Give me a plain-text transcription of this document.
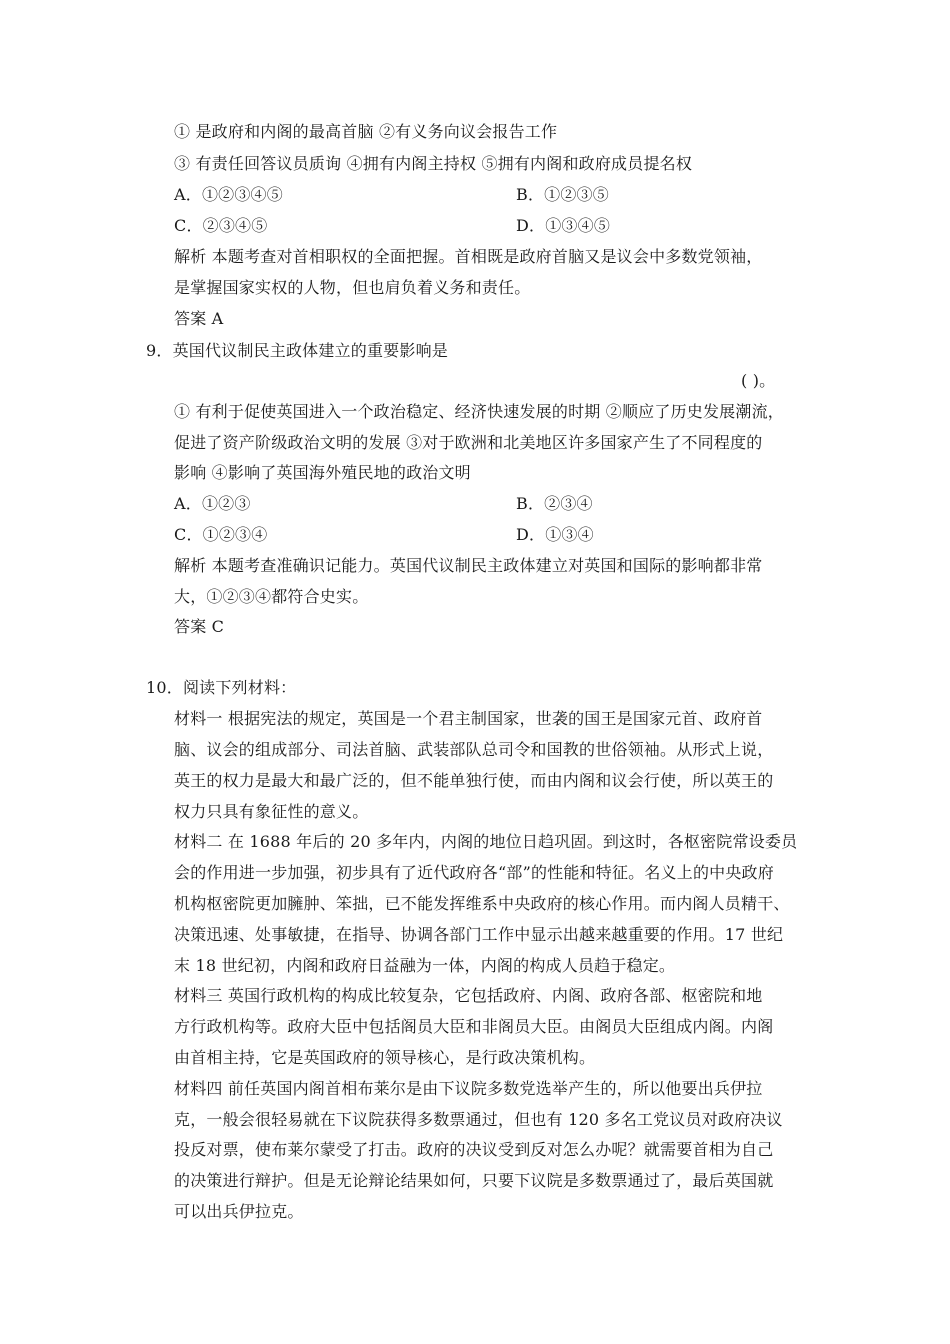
① 是政府和内阁的最高首脑 ②有义务向议会报告工作
③ 有责任回答议员质询 ④拥有内阁主持权 ⑤拥有内阁和政府成员提名权
A．①②③④⑤	B．①②③⑤
C．②③④⑤	D．①③④⑤
解析 本题考查对首相职权的全面把握。首相既是政府首脑又是议会中多数党领袖，
是掌握国家实权的人物，但也肩负着义务和责任。
答案 A
9．英国代议制民主政体建立的重要影响是
( )。
① 有利于促使英国进入一个政治稳定、经济快速发展的时期 ②顺应了历史发展潮流，
促进了资产阶级政治文明的发展 ③对于欧洲和北美地区许多国家产生了不同程度的
影响 ④影响了英国海外殖民地的政治文明
A．①②③	B．②③④
C．①②③④	D．①③④
解析 本题考查准确识记能力。英国代议制民主政体建立对英国和国际的影响都非常
大，①②③④都符合史实。
答案 C
10．阅读下列材料：
材料一 根据宪法的规定，英国是一个君主制国家，世袭的国王是国家元首、政府首
脑、议会的组成部分、司法首脑、武装部队总司令和国教的世俗领袖。从形式上说，
英王的权力是最大和最广泛的，但不能单独行使，而由内阁和议会行使，所以英王的
权力只具有象征性的意义。
材料二 在 1688 年后的 20 多年内，内阁的地位日趋巩固。到这时，各枢密院常设委员
会的作用进一步加强，初步具有了近代政府各“部”的性能和特征。名义上的中央政府
机构枢密院更加臃肿、笨拙，已不能发挥维系中央政府的核心作用。而内阁人员精干、
决策迅速、处事敏捷，在指导、协调各部门工作中显示出越来越重要的作用。17 世纪
末 18 世纪初，内阁和政府日益融为一体，内阁的构成人员趋于稳定。
材料三 英国行政机构的构成比较复杂，它包括政府、内阁、政府各部、枢密院和地
方行政机构等。政府大臣中包括阁员大臣和非阁员大臣。由阁员大臣组成内阁。内阁
由首相主持，它是英国政府的领导核心，是行政决策机构。
材料四 前任英国内阁首相布莱尔是由下议院多数党选举产生的，所以他要出兵伊拉
克，一般会很轻易就在下议院获得多数票通过，但也有 120 多名工党议员对政府决议
投反对票，使布莱尔蒙受了打击。政府的决议受到反对怎么办呢？就需要首相为自己
的决策进行辩护。但是无论辩论结果如何，只要下议院是多数票通过了，最后英国就
可以出兵伊拉克。
